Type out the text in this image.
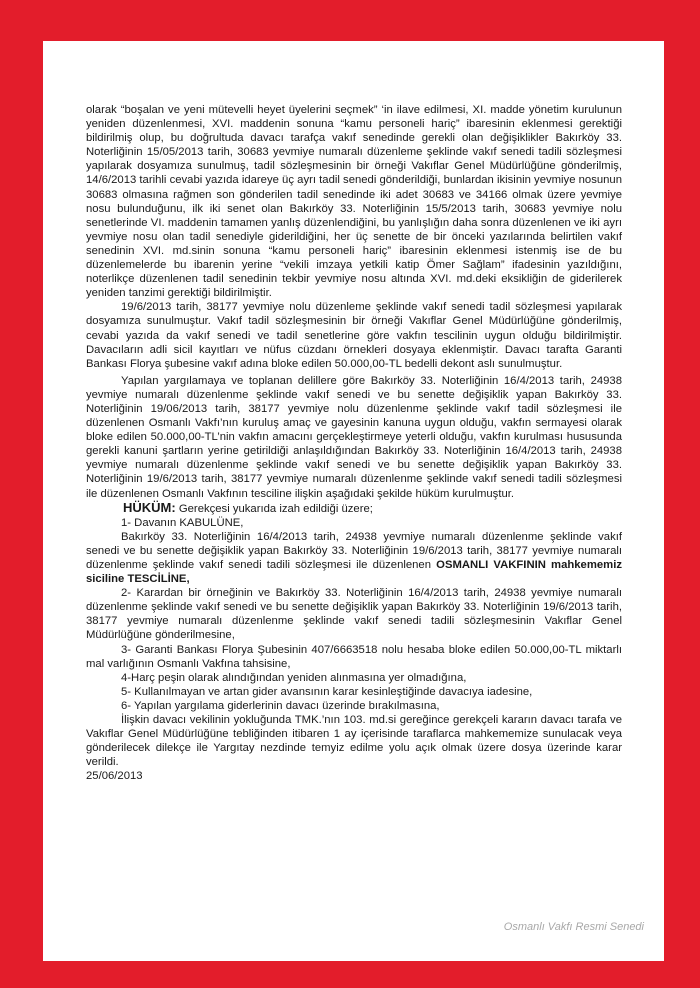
olarak “boşalan ve yeni mütevelli heyet üyelerini seçmek” ‘in ilave edilmesi, XI. madde yönetim kurulunun yeniden düzenlenmesi, XVI. maddenin sonuna “kamu personeli hariç” ibaresinin eklenmesi gerektiği bildirilmiş olup, bu doğrultuda davacı tarafça vakıf senedinde gerekli olan değişiklikler Bakırköy 33. Noterliğinin 15/05/2013 tarih, 30683 yevmiye numaralı düzenleme şeklinde vakıf senedi tadili sözleşmesi yapılarak dosyamıza sunulmuş, tadil sözleşmesinin bir örneği Vakıflar Genel Müdürlüğüne gönderilmiş, 14/6/2013 tarihli cevabi yazıda idareye üç ayrı tadil senedi gönderildiği, bunlardan ikisinin yevmiye nosunun 30683 olmasına rağmen son gönderilen tadil senedinde iki adet 30683 ve 34166 olmak üzere yevmiye nosu bulunduğunu, ilk iki senet olan Bakırköy 33. Noterliğinin 15/5/2013 tarih, 30683 yevmiye nolu senetlerinde VI. maddenin tamamen yanlış düzenlendiğini, bu yanlışlığın daha sonra düzenlenen ve iki ayrı yevmiye nosu olan tadil senediyle giderildiğini, her üç senette de bir önceki yazılarında belirtilen vakıf senedinin XVI. md.sinin sonuna “kamu personeli hariç” ibaresinin eklenmesi istenmiş ise de bu düzenlemelerde bu ibarenin yerine “vekili imzaya yetkili katip Ömer Sağlam” ifadesinin yazıldığını, noterlikçe düzenlenen tadil senedinin tekbir yevmiye nosu altında XVI. md.deki eksikliğin de giderilerek yeniden tanzimi gerektiği bildirilmiştir.

19/6/2013 tarih, 38177 yevmiye nolu düzenleme şeklinde vakıf senedi tadil sözleşmesi yapılarak dosyamıza sunulmuştur. Vakıf tadil sözleşmesinin bir örneği Vakıflar Genel Müdürlüğüne gönderilmiş, cevabi yazıda da vakıf senedi ve tadil senetlerine göre vakfın tescilinin uygun olduğu bildirilmiştir. Davacıların adli sicil kayıtları ve nüfus cüzdanı örnekleri dosyaya eklenmiştir. Davacı tarafta Garanti Bankası Florya şubesine vakıf adına bloke edilen 50.000,00-TL bedelli dekont aslı sunulmuştur.

Yapılan yargılamaya ve toplanan delillere göre Bakırköy 33. Noterliğinin 16/4/2013 tarih, 24938 yevmiye numaralı düzenlenme şeklinde vakıf senedi ve bu senette değişiklik yapan Bakırköy 33. Noterliğinin 19/06/2013 tarih, 38177 yevmiye nolu düzenlenme şeklinde vakıf tadil sözleşmesi ile düzenlenen Osmanlı Vakfı’nın kuruluş amaç ve gayesinin kanuna uygun olduğu, vakfın sermayesi olarak bloke edilen 50.000,00-TL’nin vakfın amacını gerçekleştirmeye yeterli olduğu, vakfın kurulması hususunda gerekli kanuni şartların yerine getirildiği anlaşıldığından Bakırköy 33. Noterliğinin 16/4/2013 tarih, 24938 yevmiye numaralı düzenlenme şeklinde vakıf senedi ve bu senette değişiklik yapan Bakırköy 33. Noterliğinin 19/6/2013 tarih, 38177 yevmiye numaralı düzenlenme şeklinde vakıf senedi tadili sözleşmesi ile düzenlenen Osmanlı Vakfının tesciline ilişkin aşağıdaki şekilde hüküm kurulmuştur.

HÜKÜM: Gerekçesi yukarıda izah edildiği üzere;

1- Davanın KABULÜNE,

Bakırköy 33. Noterliğinin 16/4/2013 tarih, 24938 yevmiye numaralı düzenlenme şeklinde vakıf senedi ve bu senette değişiklik yapan Bakırköy 33. Noterliğinin 19/6/2013 tarih, 38177 yevmiye numaralı düzenlenme şeklinde vakıf senedi tadili sözleşmesi ile düzenlenen OSMANLI VAKFININ mahkememiz siciline TESCİLİNE,

2- Karardan bir örneğinin ve Bakırköy 33. Noterliğinin 16/4/2013 tarih, 24938 yevmiye numaralı düzenlenme şeklinde vakıf senedi ve bu senette değişiklik yapan Bakırköy 33. Noterliğinin 19/6/2013 tarih, 38177 yevmiye numaralı düzenlenme şeklinde vakıf senedi tadili sözleşmesinin Vakıflar Genel Müdürlüğüne gönderilmesine,

3- Garanti Bankası Florya Şubesinin 407/6663518 nolu hesaba bloke edilen 50.000,00-TL miktarlı mal varlığının Osmanlı Vakfına tahsisine,

4-Harç peşin olarak alındığından yeniden alınmasına yer olmadığına,

5- Kullanılmayan ve artan gider avansının karar kesinleştiğinde davacıya iadesine,

6- Yapılan yargılama giderlerinin davacı üzerinde bırakılmasına,

İlişkin davacı vekilinin yokluğunda TMK.’nın 103. md.si gereğince gerekçeli kararın davacı tarafa ve Vakıflar Genel Müdürlüğüne tebliğinden itibaren 1 ay içerisinde taraflarca mahkememize sunulacak veya gönderilecek dilekçe ile Yargıtay nezdinde temyiz edilme yolu açık olmak üzere dosya üzerinde karar verildi.

25/06/2013

Osmanlı Vakfı Resmi Senedi
